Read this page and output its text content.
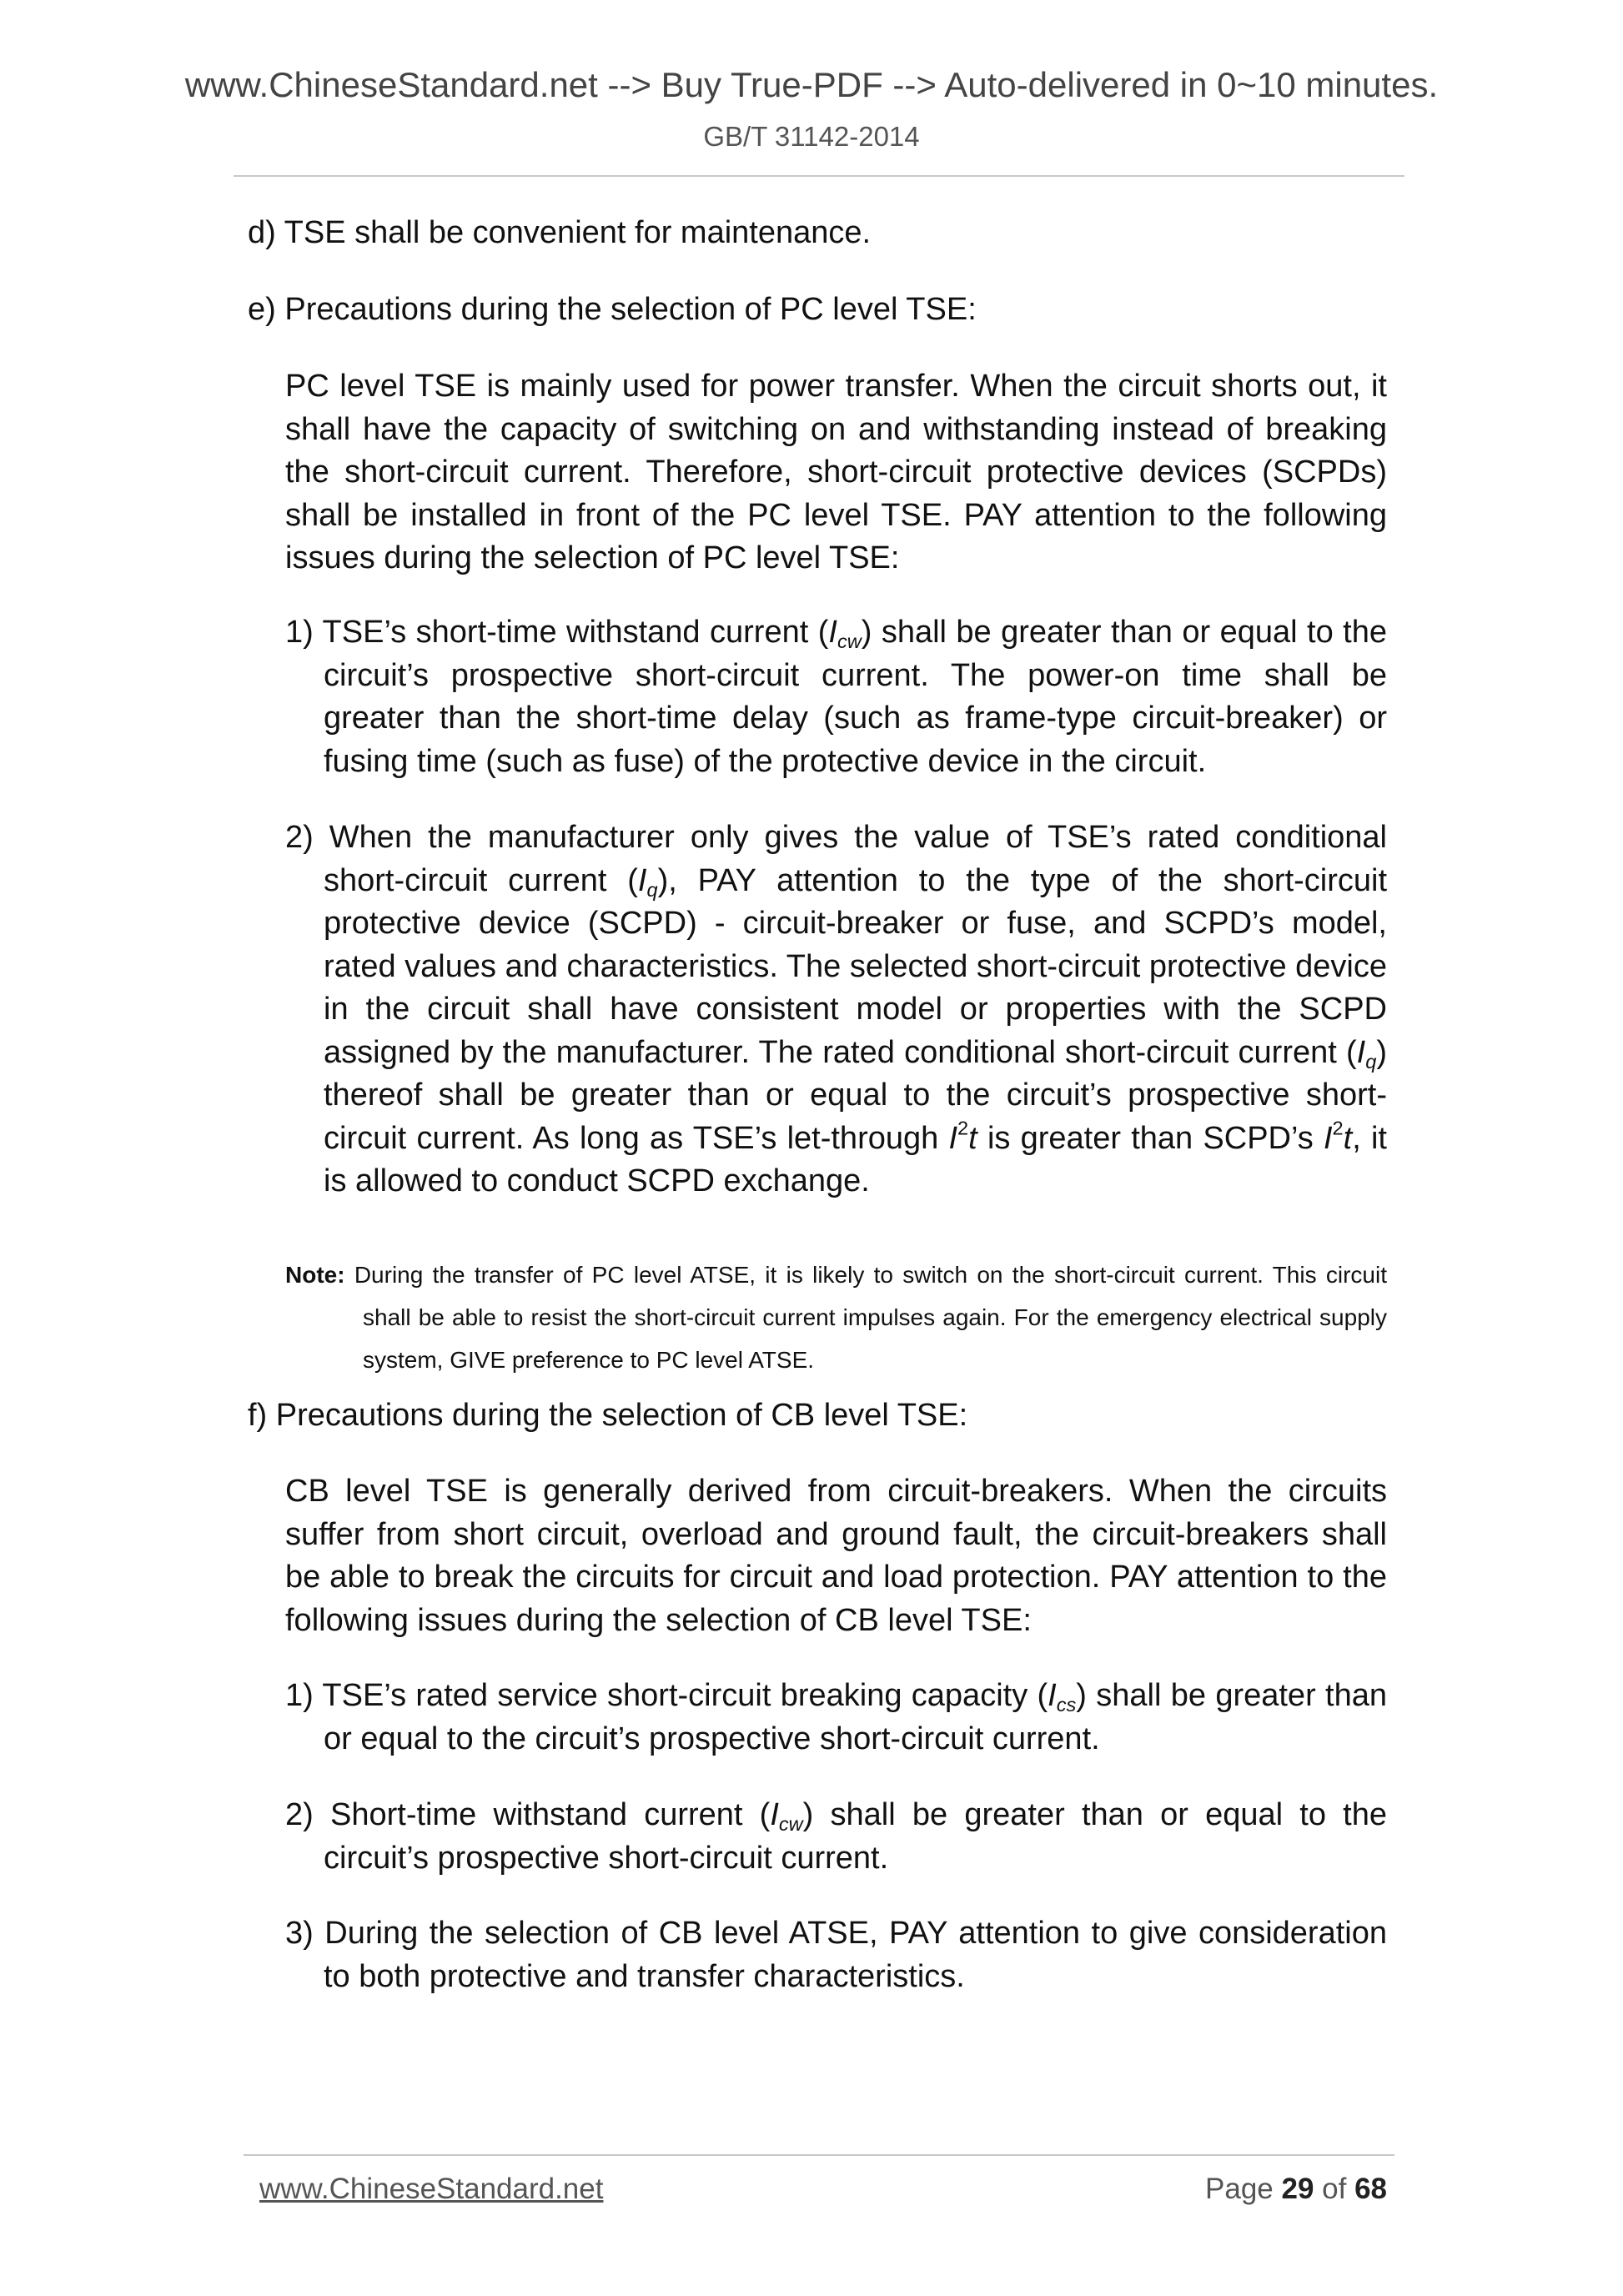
www.ChineseStandard.net --> Buy True-PDF --> Auto-delivered in 0~10 minutes.
GB/T 31142-2014

d) TSE shall be convenient for maintenance.

e) Precautions during the selection of PC level TSE:

PC level TSE is mainly used for power transfer. When the circuit shorts out, it shall have the capacity of switching on and withstanding instead of breaking the short-circuit current. Therefore, short-circuit protective devices (SCPDs) shall be installed in front of the PC level TSE. PAY attention to the following issues during the selection of PC level TSE:

1) TSE’s short-time withstand current $(I_{cw})$ shall be greater than or equal to the circuit’s prospective short-circuit current. The power-on time shall be greater than the short-time delay (such as frame-type circuit-breaker) or fusing time (such as fuse) of the protective device in the circuit.

2) When the manufacturer only gives the value of TSE’s rated conditional short-circuit current $(I_q)$, PAY attention to the type of the short-circuit protective device (SCPD) - circuit-breaker or fuse, and SCPD’s model, rated values and characteristics. The selected short-circuit protective device in the circuit shall have consistent model or properties with the SCPD assigned by the manufacturer. The rated conditional short-circuit current $(I_q)$ thereof shall be greater than or equal to the circuit’s prospective short-circuit current. As long as TSE’s let-through $I^2t$ is greater than SCPD’s $I^2t$, it is allowed to conduct SCPD exchange.

Note: During the transfer of PC level ATSE, it is likely to switch on the short-circuit current. This circuit shall be able to resist the short-circuit current impulses again. For the emergency electrical supply system, GIVE preference to PC level ATSE.

f) Precautions during the selection of CB level TSE:

CB level TSE is generally derived from circuit-breakers. When the circuits suffer from short circuit, overload and ground fault, the circuit-breakers shall be able to break the circuits for circuit and load protection. PAY attention to the following issues during the selection of CB level TSE:

1) TSE’s rated service short-circuit breaking capacity $(I_{cs})$ shall be greater than or equal to the circuit’s prospective short-circuit current.

2) Short-time withstand current $(I_{cw})$ shall be greater than or equal to the circuit’s prospective short-circuit current.

3) During the selection of CB level ATSE, PAY attention to give consideration to both protective and transfer characteristics.

www.ChineseStandard.net	Page 29 of 68
